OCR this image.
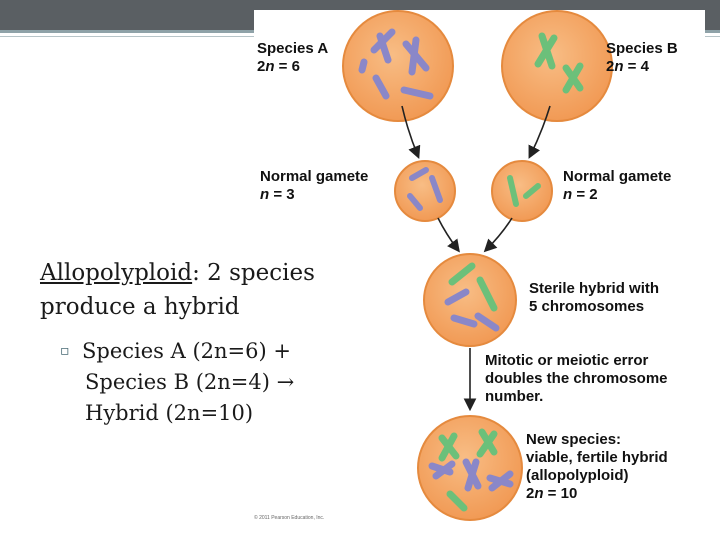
Species A
2n = 6
Species B
2n = 4
Normal gamete
n = 3
Normal gamete
n = 2
Sterile hybrid with
5 chromosomes
Mitotic or meiotic error
doubles the chromosome
number.
New species:
viable, fertile hybrid
(allopolyploid)
2n = 10
© 2011 Pearson Education, Inc.
Allopolyploid: 2 species
produce a hybrid
▫ Species A (2n=6) +
Species B (2n=4) →
Hybrid (2n=10)
